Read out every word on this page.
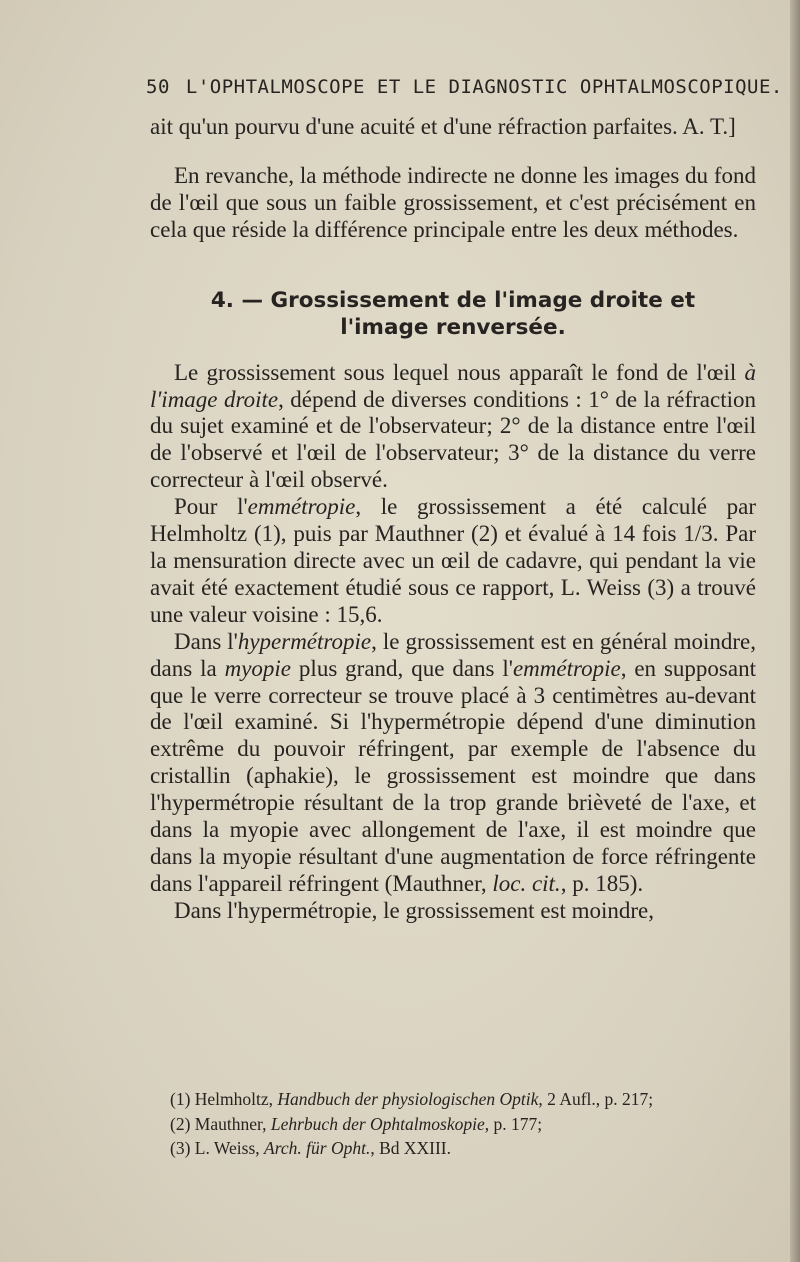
50 L'OPHTALMOSCOPE ET LE DIAGNOSTIC OPHTALMOSCOPIQUE.

ait qu'un pourvu d'une acuité et d'une réfraction parfaites. A. T.]

En revanche, la méthode indirecte ne donne les images du fond de l'œil que sous un faible grossissement, et c'est précisément en cela que réside la différence principale entre les deux méthodes.

4. — Grossissement de l'image droite et
l'image renversée.

Le grossissement sous lequel nous apparaît le fond de l'œil à l'image droite, dépend de diverses conditions : 1° de la réfraction du sujet examiné et de l'observateur; 2° de la distance entre l'œil de l'observé et l'œil de l'observateur; 3° de la distance du verre correcteur à l'œil observé.

Pour l'emmétropie, le grossissement a été calculé par Helmholtz (1), puis par Mauthner (2) et évalué à 14 fois 1/3. Par la mensuration directe avec un œil de cadavre, qui pendant la vie avait été exactement étudié sous ce rapport, L. Weiss (3) a trouvé une valeur voisine : 15,6.

Dans l'hypermétropie, le grossissement est en général moindre, dans la myopie plus grand, que dans l'emmétropie, en supposant que le verre correcteur se trouve placé à 3 centimètres au-devant de l'œil examiné. Si l'hypermétropie dépend d'une diminution extrême du pouvoir réfringent, par exemple de l'absence du cristallin (aphakie), le grossissement est moindre que dans l'hypermétropie résultant de la trop grande brièveté de l'axe, et dans la myopie avec allongement de l'axe, il est moindre que dans la myopie résultant d'une augmentation de force réfringente dans l'appareil réfringent (Mauthner, loc. cit., p. 185).

Dans l'hypermétropie, le grossissement est moindre,

(1) Helmholtz, Handbuch der physiologischen Optik, 2 Aufl., p. 217;
(2) Mauthner, Lehrbuch der Ophtalmoskopie, p. 177;
(3) L. Weiss, Arch. für Opht., Bd XXIII.
